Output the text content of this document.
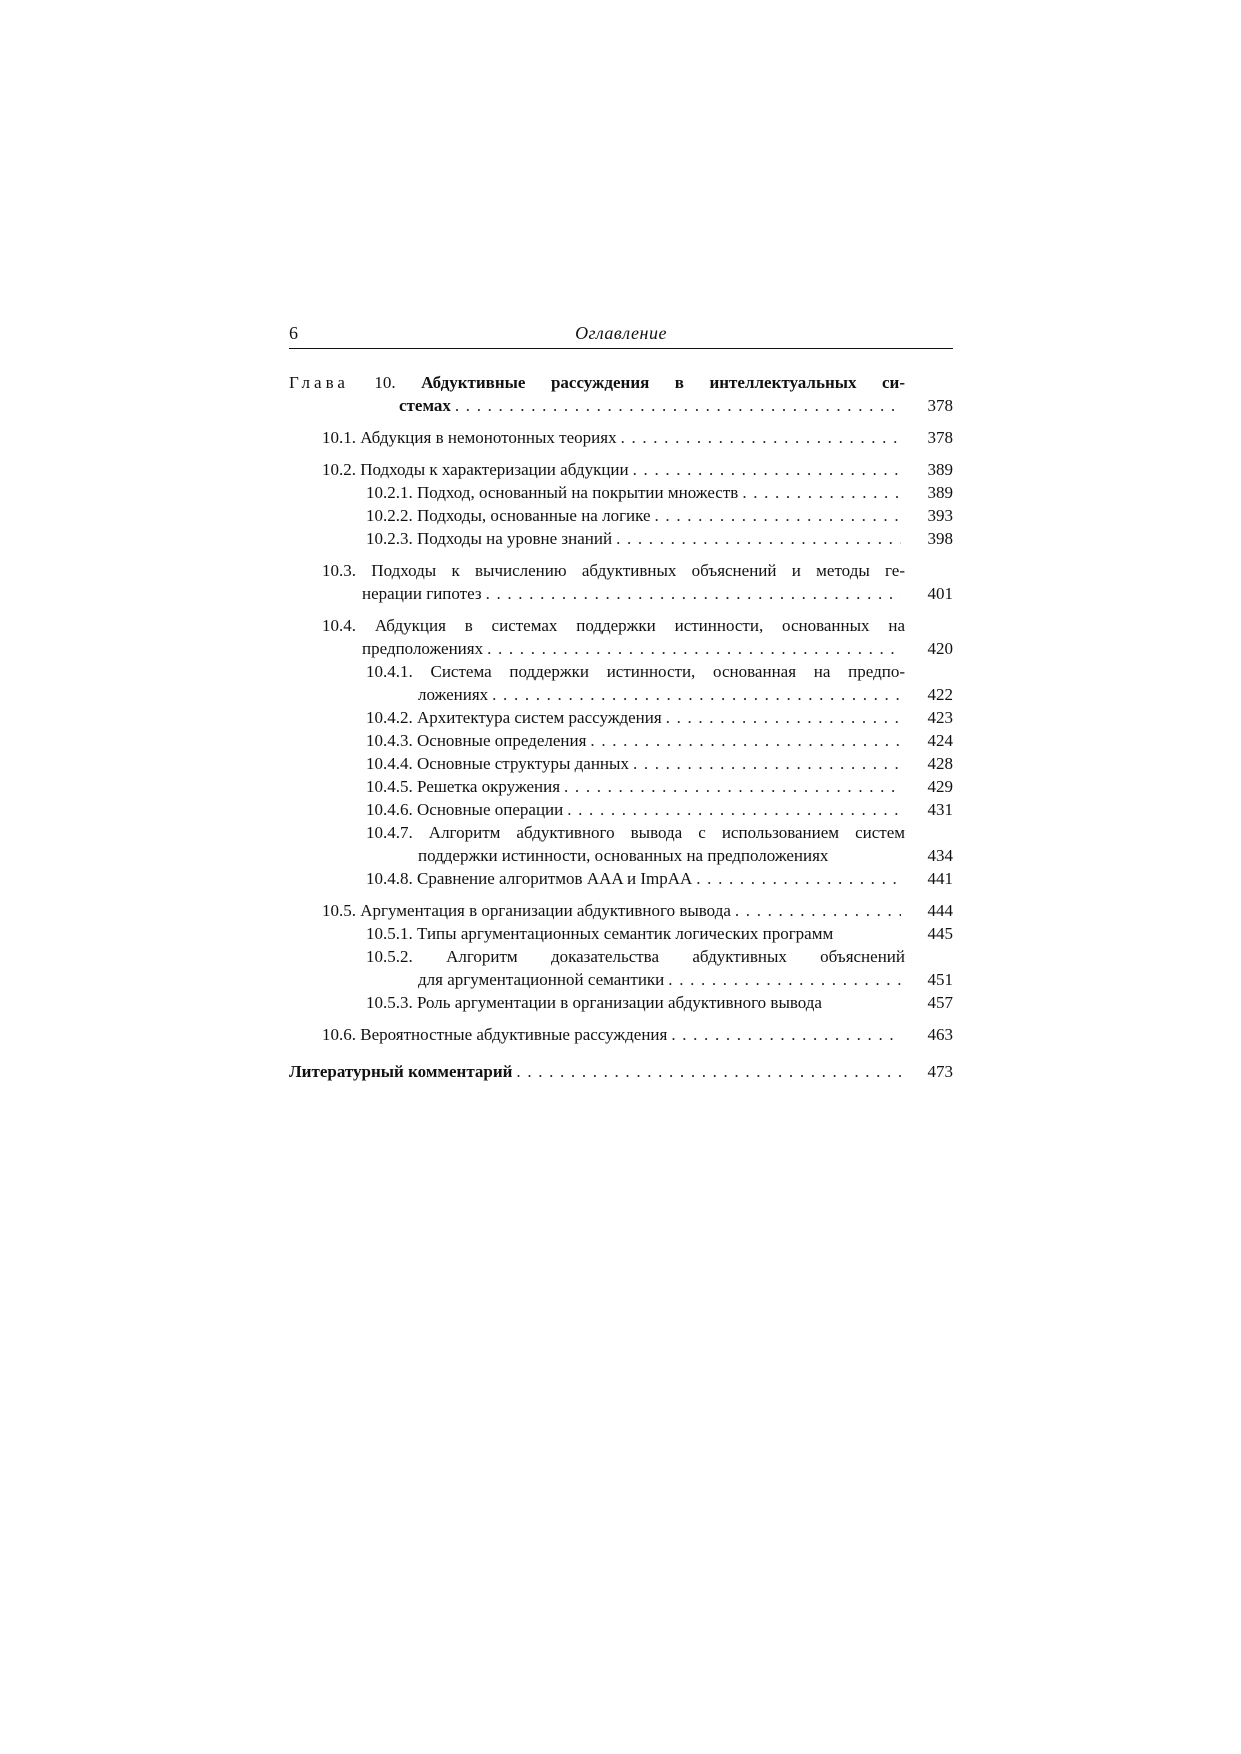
6	Оглавление
Глава 10. Абдуктивные рассуждения в интеллектуальных си-
стемах . . .	378
10.1. Абдукция в немонотонных теориях . . .	378
10.2. Подходы к характеризации абдукции . . .	389
10.2.1. Подход, основанный на покрытии множеств . . .	389
10.2.2. Подходы, основанные на логике . . .	393
10.2.3. Подходы на уровне знаний . . .	398
10.3. Подходы к вычислению абдуктивных объяснений и методы ге-
нерации гипотез . . .	401
10.4. Абдукция в системах поддержки истинности, основанных на
предположениях . . .	420
10.4.1. Система поддержки истинности, основанная на предпо-
ложениях . . .	422
10.4.2. Архитектура систем рассуждения . . .	423
10.4.3. Основные определения . . .	424
10.4.4. Основные структуры данных . . .	428
10.4.5. Решетка окружения . . .	429
10.4.6. Основные операции . . .	431
10.4.7. Алгоритм абдуктивного вывода с использованием систем
поддержки истинности, основанных на предположениях	434
10.4.8. Сравнение алгоритмов AAA и ImpAA . . .	441
10.5. Аргументация в организации абдуктивного вывода . . .	444
10.5.1. Типы аргументационных семантик логических программ	445
10.5.2. Алгоритм доказательства абдуктивных объяснений
для аргументационной семантики . . .	451
10.5.3. Роль аргументации в организации абдуктивного вывода	457
10.6. Вероятностные абдуктивные рассуждения . . .	463
Литературный комментарий . . .	473
